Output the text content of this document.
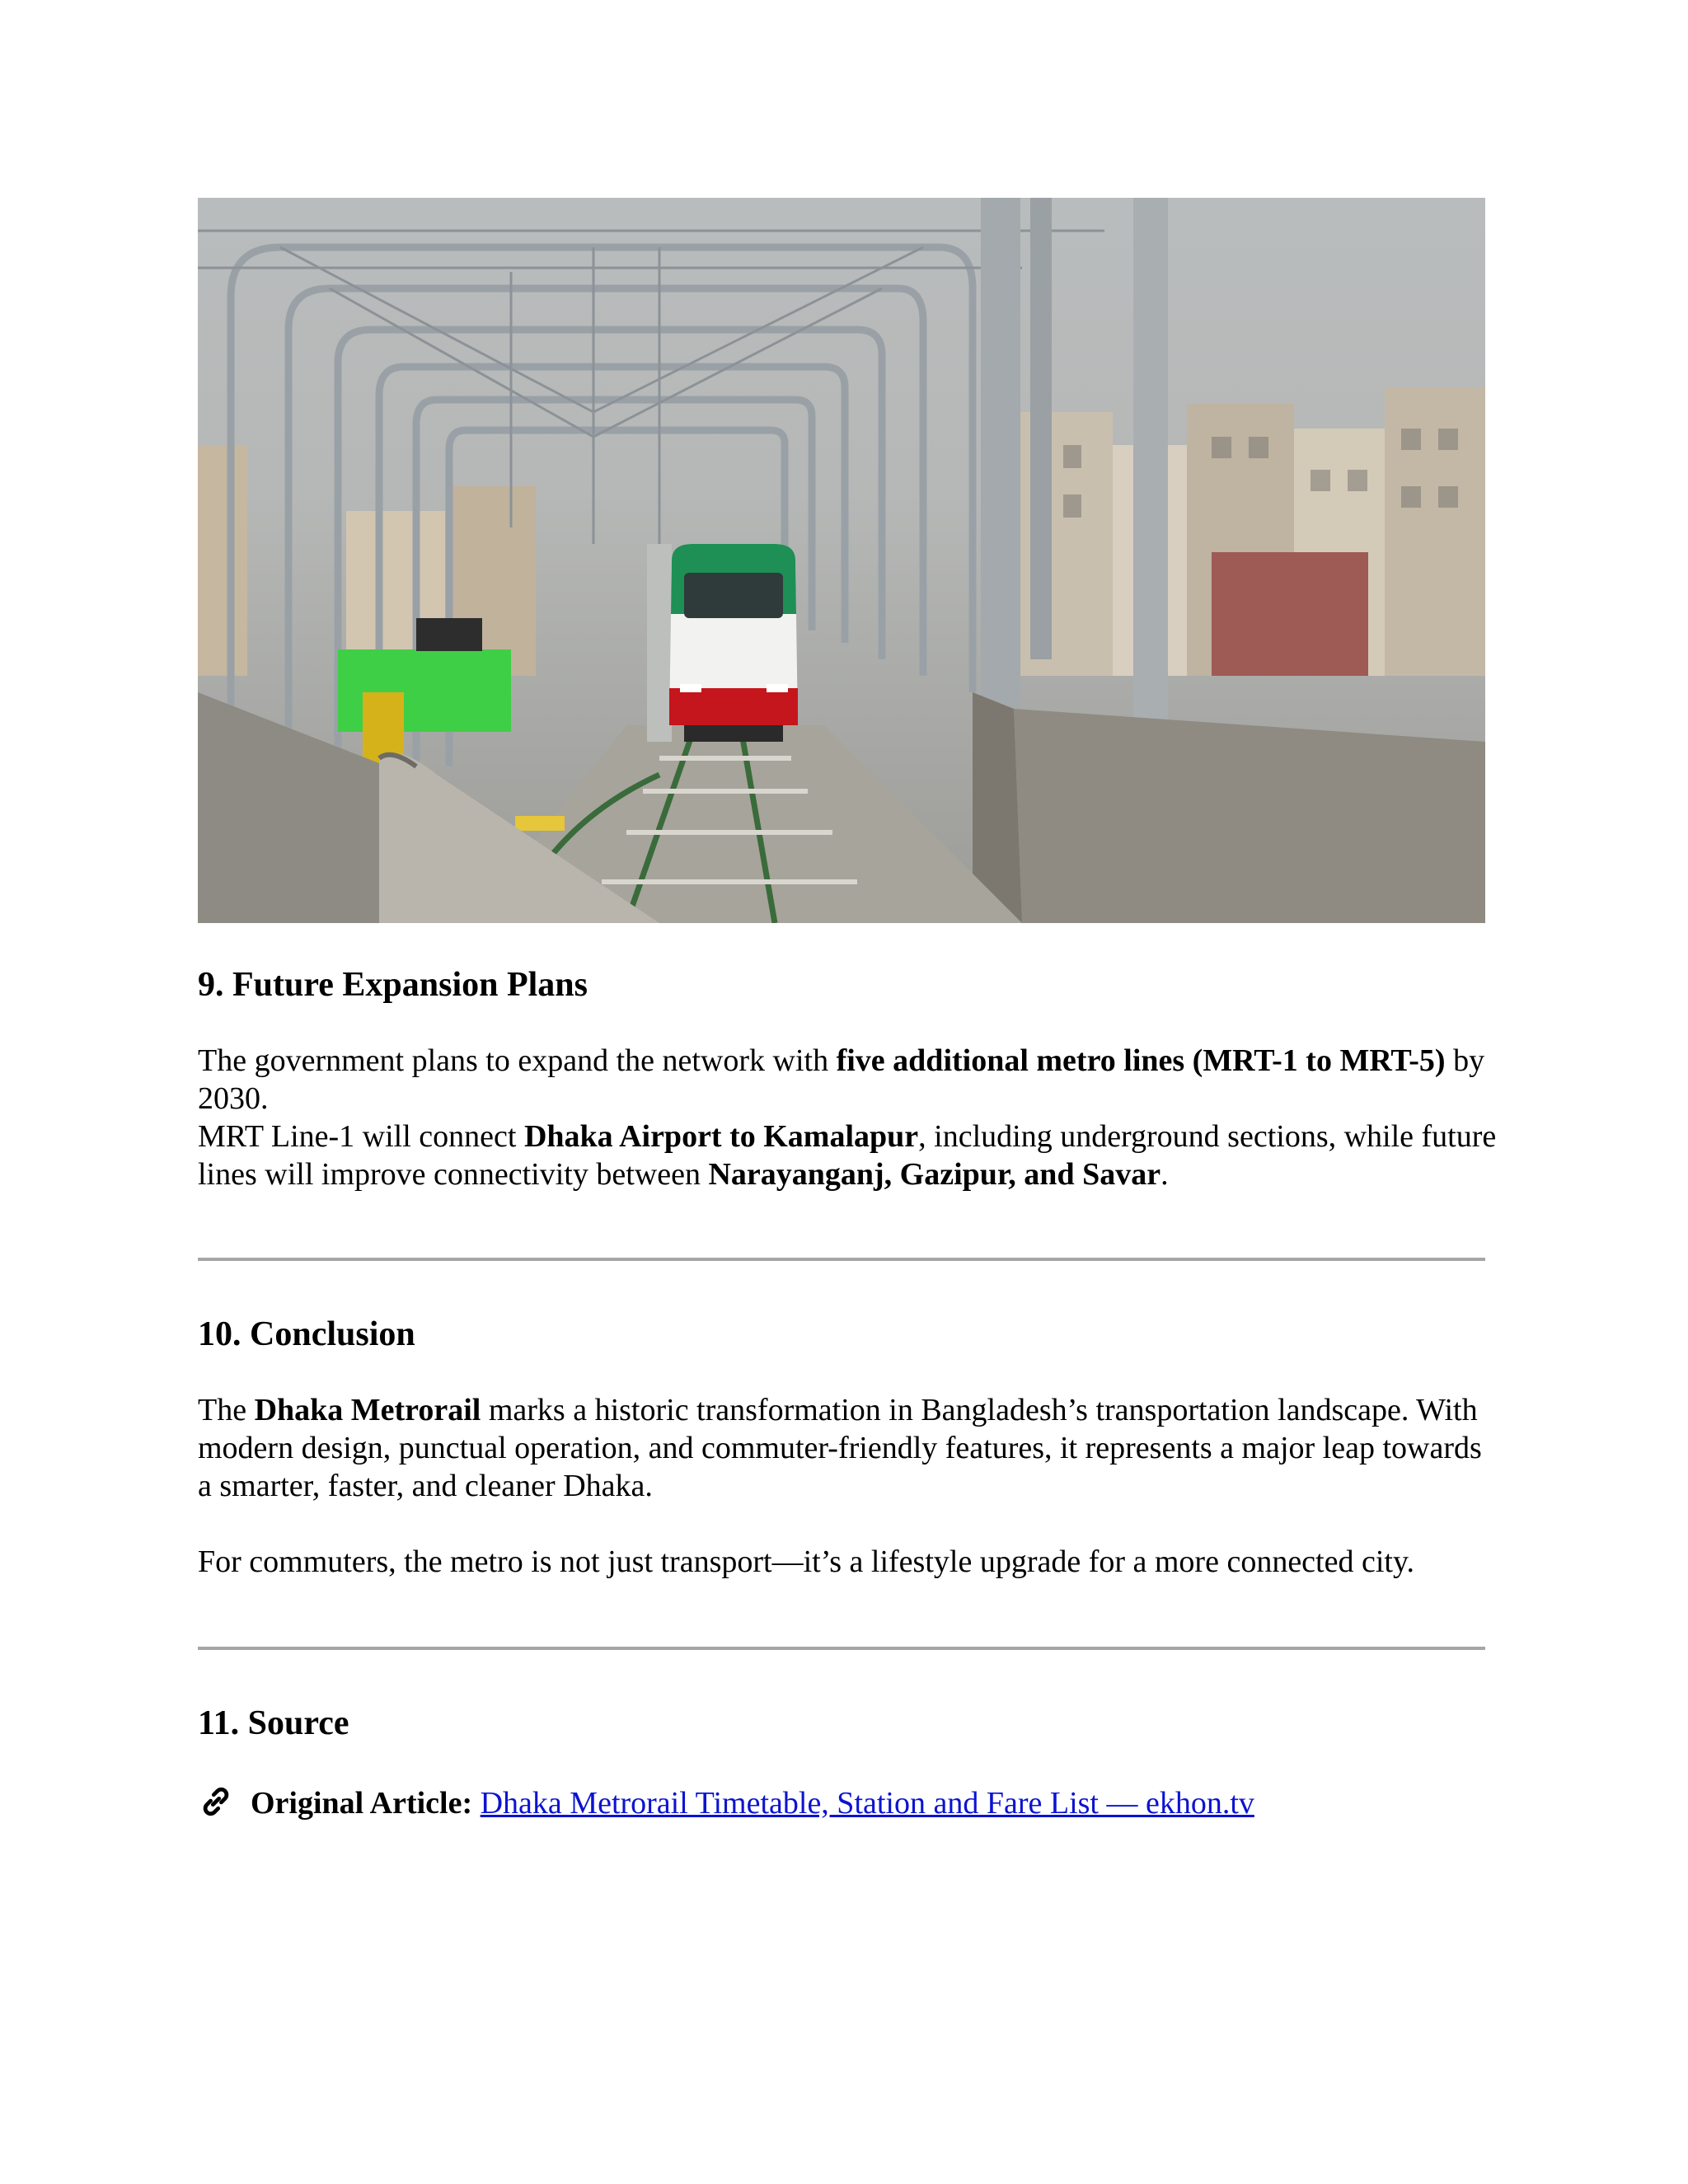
9. Future Expansion Plans

The government plans to expand the network with five additional metro lines (MRT-1 to MRT-5) by 2030.
MRT Line-1 will connect Dhaka Airport to Kamalapur, including underground sections, while future lines will improve connectivity between Narayanganj, Gazipur, and Savar.

10. Conclusion

The Dhaka Metrorail marks a historic transformation in Bangladesh’s transportation landscape. With modern design, punctual operation, and commuter-friendly features, it represents a major leap towards a smarter, faster, and cleaner Dhaka.

For commuters, the metro is not just transport—it’s a lifestyle upgrade for a more connected city.

11. Source

Original Article: Dhaka Metrorail Timetable, Station and Fare List — ekhon.tv
